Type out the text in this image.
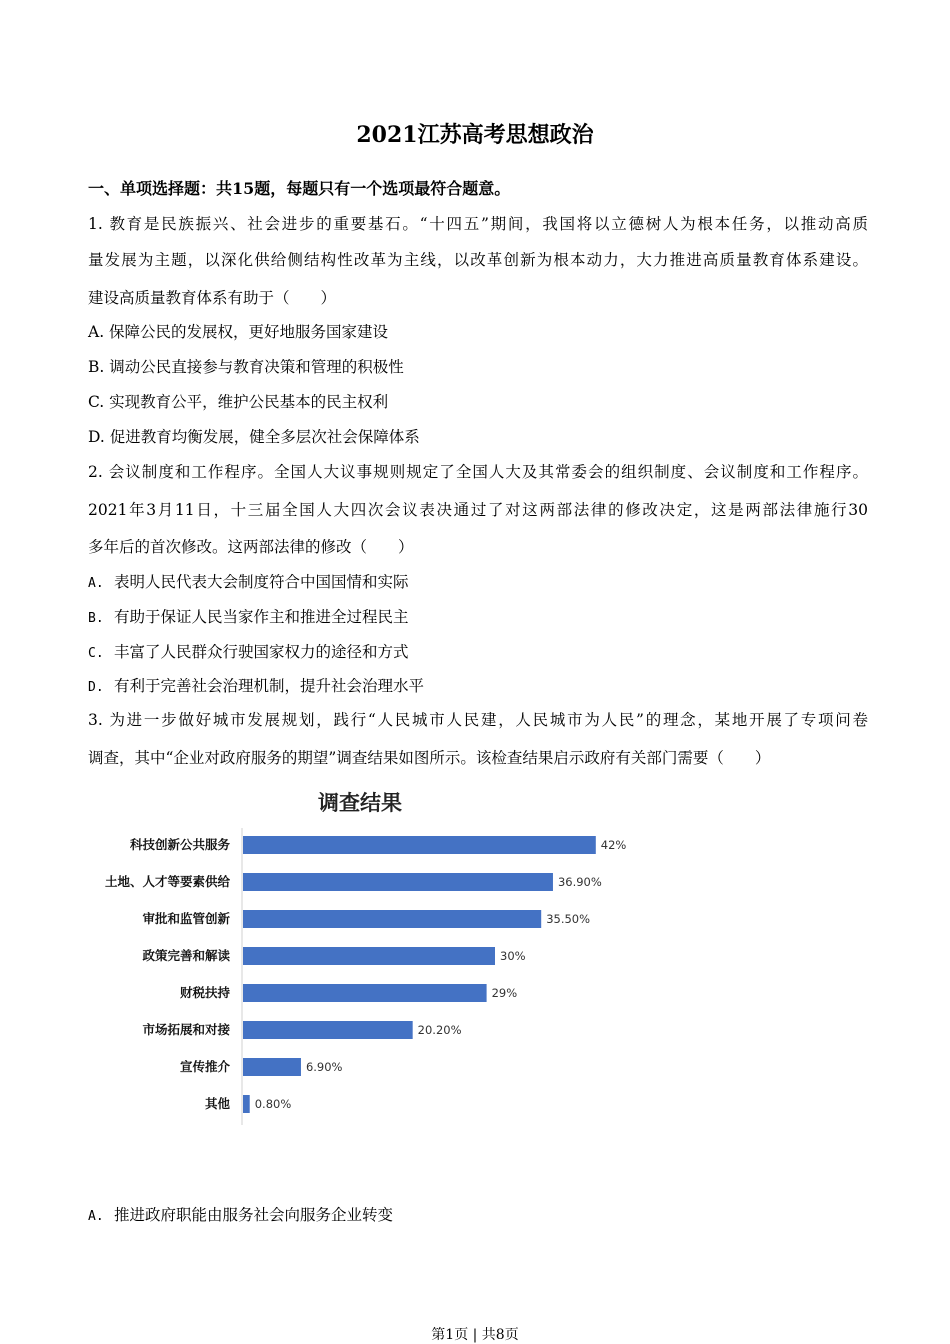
2021江苏高考思想政治
一、单项选择题：共15题，每题只有一个选项最符合题意。
1. 教育是民族振兴、社会进步的重要基石。“十四五”期间，我国将以立德树人为根本任务，以推动高质
量发展为主题，以深化供给侧结构性改革为主线，以改革创新为根本动力，大力推进高质量教育体系建设。
建设高质量教育体系有助于（　　）
A. 保障公民的发展权，更好地服务国家建设
B. 调动公民直接参与教育决策和管理的积极性
C. 实现教育公平，维护公民基本的民主权利
D. 促进教育均衡发展，健全多层次社会保障体系
2. 会议制度和工作程序。全国人大议事规则规定了全国人大及其常委会的组织制度、会议制度和工作程序。
2021年3月11日，十三届全国人大四次会议表决通过了对这两部法律的修改决定，这是两部法律施行30
多年后的首次修改。这两部法律的修改（　　）
A. 表明人民代表大会制度符合中国国情和实际
B. 有助于保证人民当家作主和推进全过程民主
C. 丰富了人民群众行驶国家权力的途径和方式
D. 有利于完善社会治理机制，提升社会治理水平
3. 为进一步做好城市发展规划，践行“人民城市人民建，人民城市为人民”的理念，某地开展了专项问卷
调查，其中“企业对政府服务的期望”调查结果如图所示。该检查结果启示政府有关部门需要（　　）
调查结果
科技创新公共服务	42%
土地、人才等要素供给	36.90%
审批和监管创新	35.50%
政策完善和解读	30%
财税扶持	29%
市场拓展和对接	20.20%
宣传推介	6.90%
其他 0.80%
A. 推进政府职能由服务社会向服务企业转变
第1页 | 共8页
